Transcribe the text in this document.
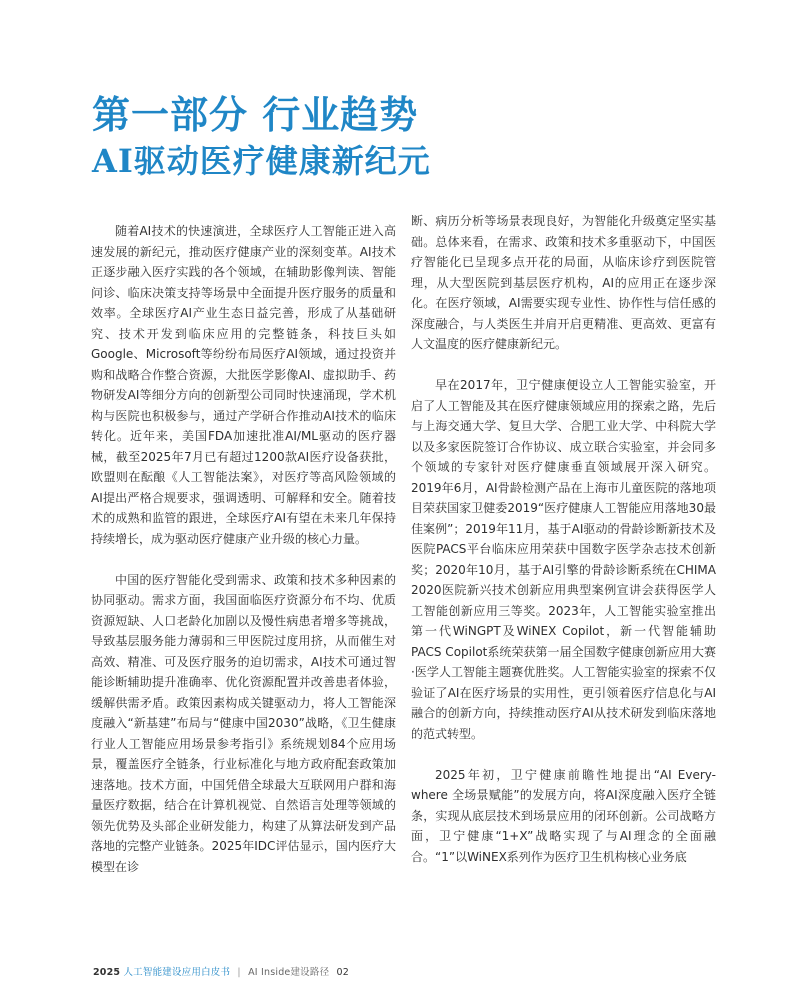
第一部分 行业趋势
AI驱动医疗健康新纪元

随着AI技术的快速演进，全球医疗人工智能正进入高速发展的新纪元，推动医疗健康产业的深刻变革。AI技术正逐步融入医疗实践的各个领域，在辅助影像判读、智能问诊、临床决策支持等场景中全面提升医疗服务的质量和效率。全球医疗AI产业生态日益完善，形成了从基础研究、技术开发到临床应用的完整链条，科技巨头如Google、Microsoft等纷纷布局医疗AI领域，通过投资并购和战略合作整合资源，大批医学影像AI、虚拟助手、药物研发AI等细分方向的创新型公司同时快速涌现，学术机构与医院也积极参与，通过产学研合作推动AI技术的临床转化。近年来，美国FDA加速批准AI/ML驱动的医疗器械，截至2025年7月已有超过1200款AI医疗设备获批，欧盟则在酝酿《人工智能法案》，对医疗等高风险领域的AI提出严格合规要求，强调透明、可解释和安全。随着技术的成熟和监管的跟进，全球医疗AI有望在未来几年保持持续增长，成为驱动医疗健康产业升级的核心力量。

中国的医疗智能化受到需求、政策和技术多种因素的协同驱动。需求方面，我国面临医疗资源分布不均、优质资源短缺、人口老龄化加剧以及慢性病患者增多等挑战，导致基层服务能力薄弱和三甲医院过度用挤，从而催生对高效、精准、可及医疗服务的迫切需求，AI技术可通过智能诊断辅助提升准确率、优化资源配置并改善患者体验，缓解供需矛盾。政策因素构成关键驱动力，将人工智能深度融入“新基建”布局与“健康中国2030”战略，《卫生健康行业人工智能应用场景参考指引》系统规划84个应用场景，覆盖医疗全链条，行业标准化与地方政府配套政策加速落地。技术方面，中国凭借全球最大互联网用户群和海量医疗数据，结合在计算机视觉、自然语言处理等领域的领先优势及头部企业研发能力，构建了从算法研发到产品落地的完整产业链条。2025年IDC评估显示，国内医疗大模型在诊

断、病历分析等场景表现良好，为智能化升级奠定坚实基础。总体来看，在需求、政策和技术多重驱动下，中国医疗智能化已呈现多点开花的局面，从临床诊疗到医院管理，从大型医院到基层医疗机构，AI的应用正在逐步深化。在医疗领域，AI需要实现专业性、协作性与信任感的深度融合，与人类医生并肩开启更精准、更高效、更富有人文温度的医疗健康新纪元。

早在2017年，卫宁健康便设立人工智能实验室，开启了人工智能及其在医疗健康领域应用的探索之路，先后与上海交通大学、复旦大学、合肥工业大学、中科院大学以及多家医院签订合作协议、成立联合实验室，并会同多个领域的专家针对医疗健康垂直领域展开深入研究。2019年6月，AI骨龄检测产品在上海市儿童医院的落地项目荣获国家卫健委2019“医疗健康人工智能应用落地30最佳案例”；2019年11月，基于AI驱动的骨龄诊断新技术及医院PACS平台临床应用荣获中国数字医学杂志技术创新奖；2020年10月，基于AI引擎的骨龄诊断系统在CHIMA 2020医院新兴技术创新应用典型案例宣讲会获得医学人工智能创新应用三等奖。2023年，人工智能实验室推出第一代WiNGPT及WiNEX Copilot，新一代智能辅助PACS Copilot系统荣获第一届全国数字健康创新应用大赛·医学人工智能主题赛优胜奖。人工智能实验室的探索不仅验证了AI在医疗场景的实用性，更引领着医疗信息化与AI融合的创新方向，持续推动医疗AI从技术研发到临床落地的范式转型。

2025年初，卫宁健康前瞻性地提出“AI Every-where 全场景赋能”的发展方向，将AI深度融入医疗全链条，实现从底层技术到场景应用的闭环创新。公司战略方面，卫宁健康“1+X”战略实现了与AI理念的全面融合。“1”以WiNEX系列作为医疗卫生机构核心业务底

2025 人工智能建设应用白皮书 | AI Inside建设路径 02
